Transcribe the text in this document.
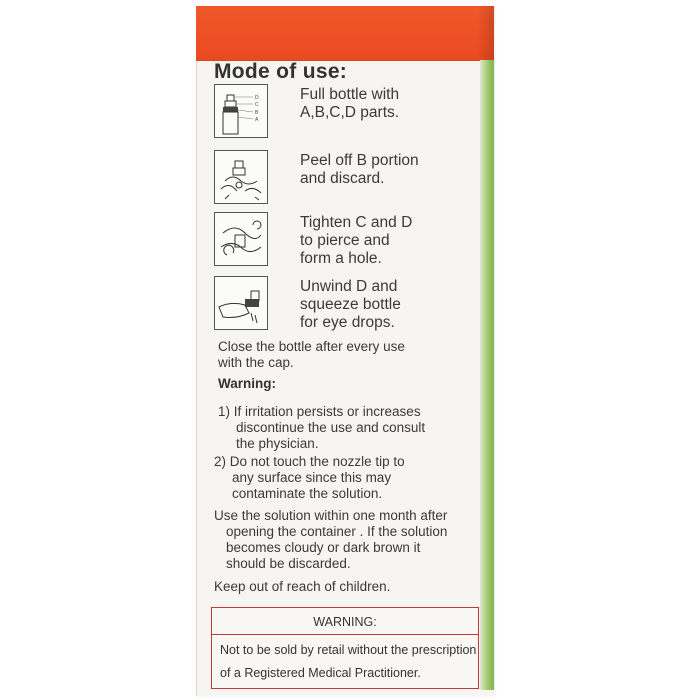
Mode of use:
D
C
B
A
Full bottle with
A,B,C,D parts.
Peel off B portion
and discard.
Tighten C and D
to pierce and
form a hole.
Unwind D and
squeeze bottle
for eye drops.
Close the bottle after every use
with the cap.
Warning:
1) If irritation persists or increases
discontinue the use and consult
the physician.
2) Do not touch the nozzle tip to
any surface since this may
contaminate the solution.
Use the solution within one month after
opening the container . If the solution
becomes cloudy or dark brown it
should be discarded.
Keep out of reach of children.
WARNING:
Not to be sold by retail without the prescription
of a Registered Medical Practitioner.
